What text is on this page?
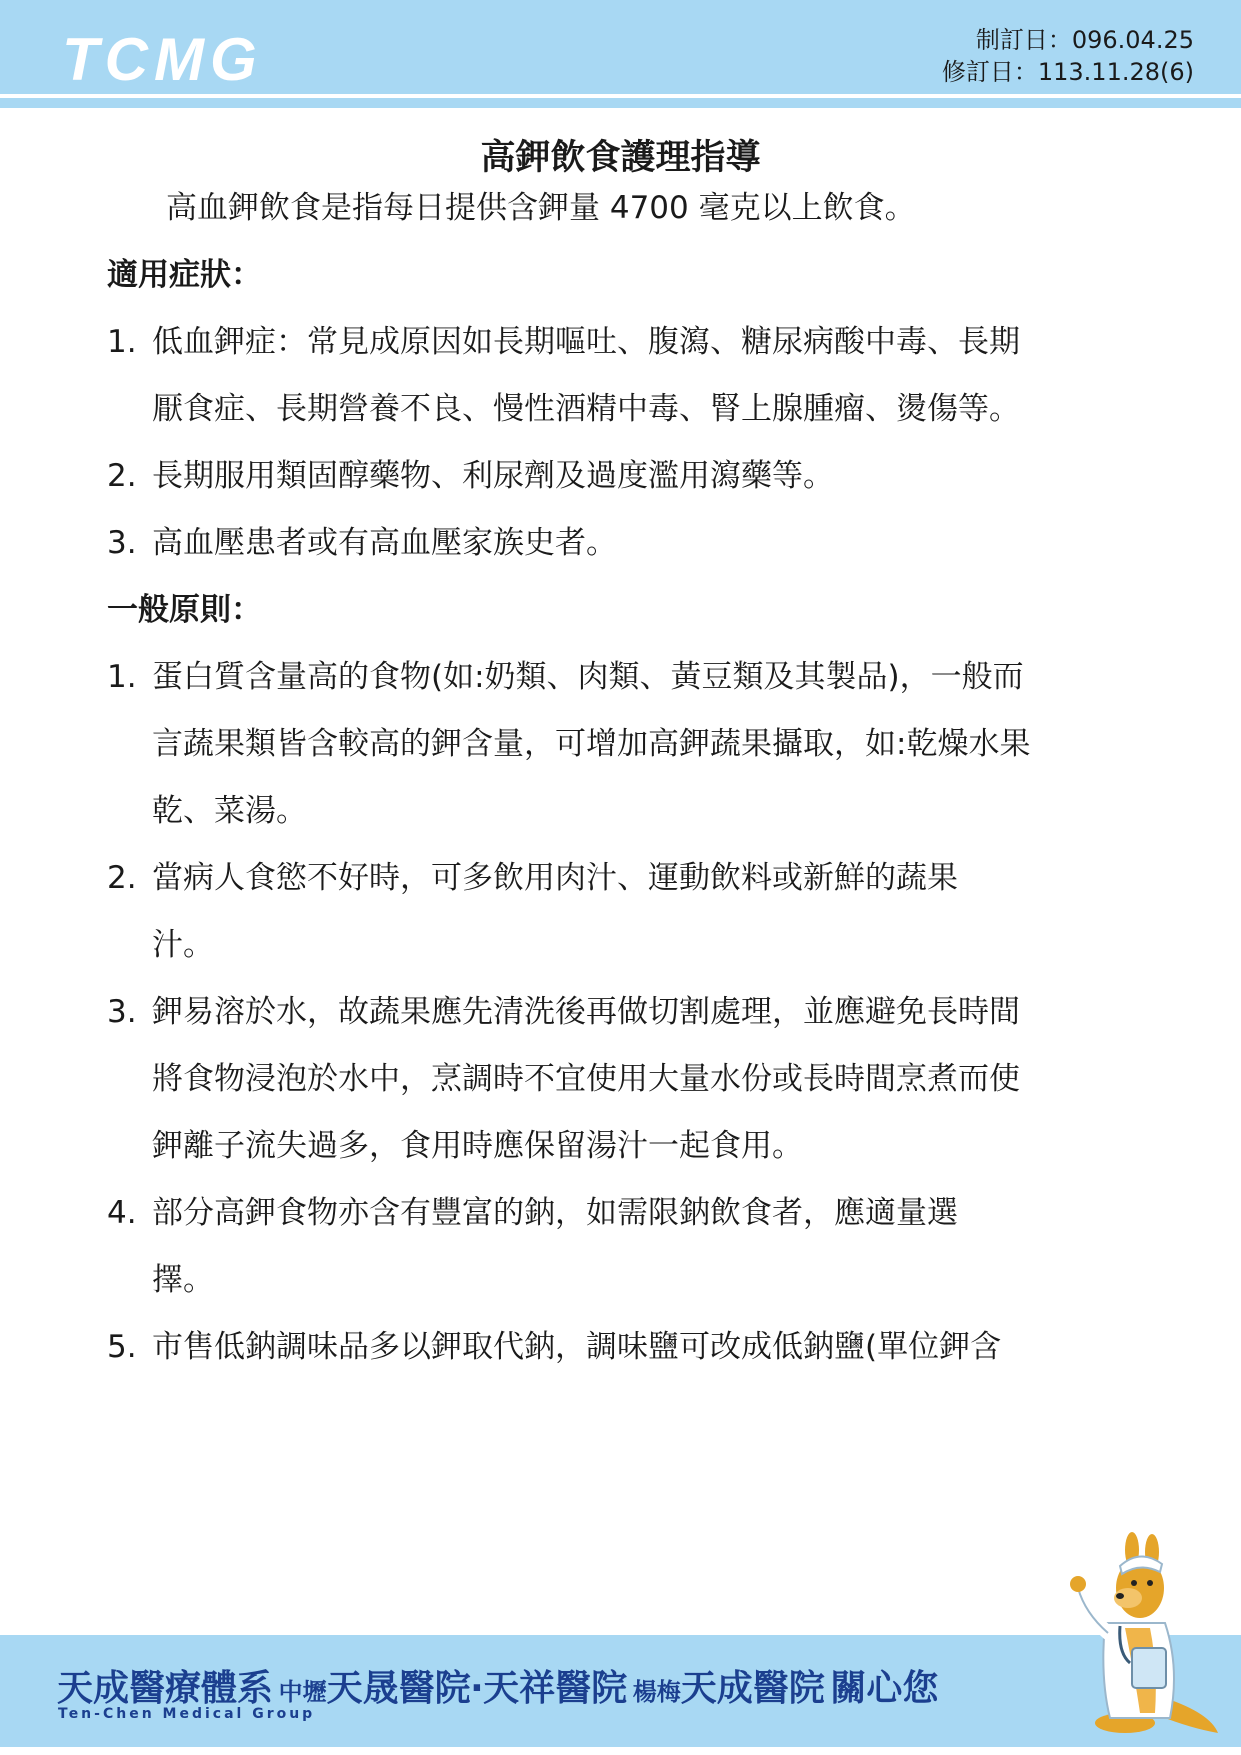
TCMG	制訂日：096.04.25
修訂日：113.11.28(6)
高鉀飲食護理指導
高血鉀飲食是指每日提供含鉀量 4700 毫克以上飲食。
適用症狀：
1. 低血鉀症：常見成原因如長期嘔吐、腹瀉、糖尿病酸中毒、長期
厭食症、長期營養不良、慢性酒精中毒、腎上腺腫瘤、燙傷等。
2. 長期服用類固醇藥物、利尿劑及過度濫用瀉藥等。
3. 高血壓患者或有高血壓家族史者。
一般原則：
1. 蛋白質含量高的食物(如:奶類、肉類、黃豆類及其製品)，一般而
言蔬果類皆含較高的鉀含量，可增加高鉀蔬果攝取，如:乾燥水果
乾、菜湯。
2. 當病人食慾不好時，可多飲用肉汁、運動飲料或新鮮的蔬果
汁。
3. 鉀易溶於水，故蔬果應先清洗後再做切割處理，並應避免長時間
將食物浸泡於水中，烹調時不宜使用大量水份或長時間烹煮而使
鉀離子流失過多，食用時應保留湯汁一起食用。
4. 部分高鉀食物亦含有豐富的鈉，如需限鈉飲食者，應適量選
擇。
5. 市售低鈉調味品多以鉀取代鈉，調味鹽可改成低鈉鹽(單位鉀含
天成醫療體系 中壢天晟醫院‧天祥醫院 楊梅天成醫院 關心您
Ten-Chen Medical Group
